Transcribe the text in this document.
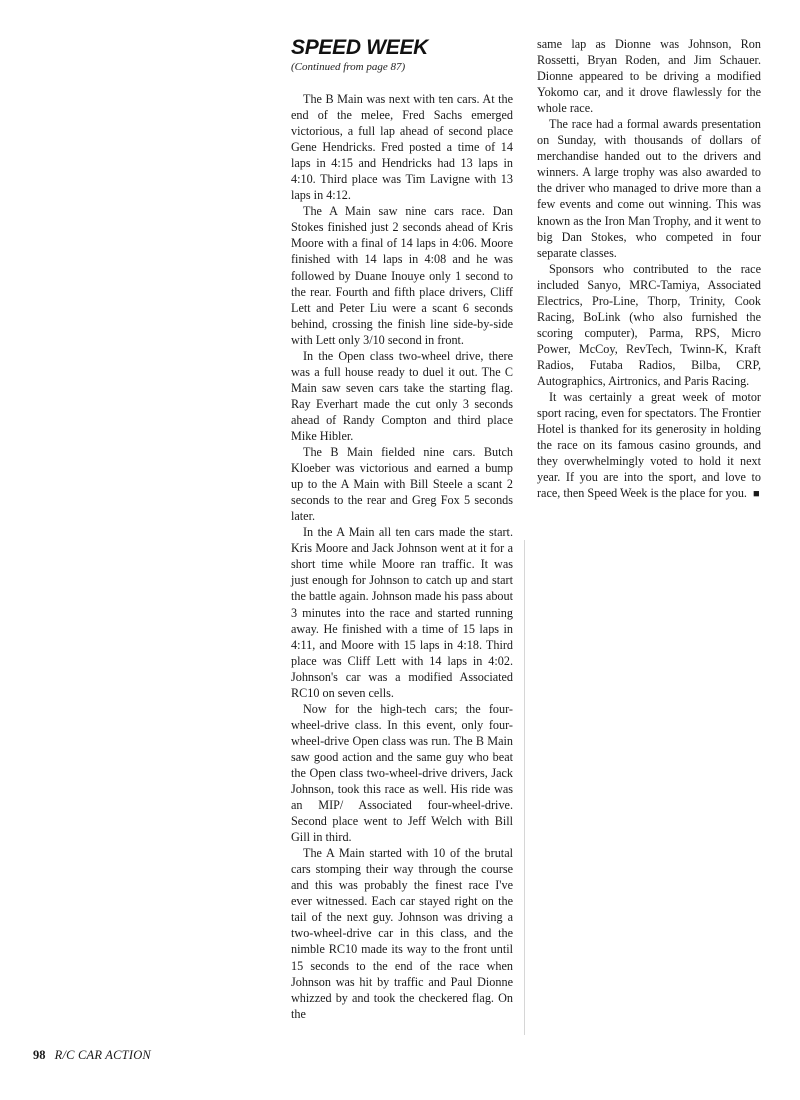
SPEED WEEK
(Continued from page 87)

The B Main was next with ten cars. At the end of the melee, Fred Sachs emerged victorious, a full lap ahead of second place Gene Hendricks. Fred posted a time of 14 laps in 4:15 and Hendricks had 13 laps in 4:10. Third place was Tim Lavigne with 13 laps in 4:12.

The A Main saw nine cars race. Dan Stokes finished just 2 seconds ahead of Kris Moore with a final of 14 laps in 4:06. Moore finished with 14 laps in 4:08 and he was followed by Duane Inouye only 1 second to the rear. Fourth and fifth place drivers, Cliff Lett and Peter Liu were a scant 6 seconds behind, crossing the finish line side-by-side with Lett only 3/10 second in front.

In the Open class two-wheel drive, there was a full house ready to duel it out. The C Main saw seven cars take the starting flag. Ray Everhart made the cut only 3 seconds ahead of Randy Compton and third place Mike Hibler.

The B Main fielded nine cars. Butch Kloeber was victorious and earned a bump up to the A Main with Bill Steele a scant 2 seconds to the rear and Greg Fox 5 seconds later.

In the A Main all ten cars made the start. Kris Moore and Jack Johnson went at it for a short time while Moore ran traffic. It was just enough for Johnson to catch up and start the battle again. Johnson made his pass about 3 minutes into the race and started running away. He finished with a time of 15 laps in 4:11, and Moore with 15 laps in 4:18. Third place was Cliff Lett with 14 laps in 4:02. Johnson's car was a modified Associated RC10 on seven cells.

Now for the high-tech cars; the four-wheel-drive class. In this event, only four-wheel-drive Open class was run. The B Main saw good action and the same guy who beat the Open class two-wheel-drive drivers, Jack Johnson, took this race as well. His ride was an MIP/ Associated four-wheel-drive. Second place went to Jeff Welch with Bill Gill in third.

The A Main started with 10 of the brutal cars stomping their way through the course and this was probably the finest race I've ever witnessed. Each car stayed right on the tail of the next guy. Johnson was driving a two-wheel-drive car in this class, and the nimble RC10 made its way to the front until 15 seconds to the end of the race when Johnson was hit by traffic and Paul Dionne whizzed by and took the checkered flag. On the

same lap as Dionne was Johnson, Ron Rossetti, Bryan Roden, and Jim Schauer. Dionne appeared to be driving a modified Yokomo car, and it drove flawlessly for the whole race.

The race had a formal awards presentation on Sunday, with thousands of dollars of merchandise handed out to the drivers and winners. A large trophy was also awarded to the driver who managed to drive more than a few events and come out winning. This was known as the Iron Man Trophy, and it went to big Dan Stokes, who competed in four separate classes.

Sponsors who contributed to the race included Sanyo, MRC-Tamiya, Associated Electrics, Pro-Line, Thorp, Trinity, Cook Racing, BoLink (who also furnished the scoring computer), Parma, RPS, Micro Power, McCoy, RevTech, Twinn-K, Kraft Radios, Futaba Radios, Bilba, CRP, Autographics, Airtronics, and Paris Racing.

It was certainly a great week of motor sport racing, even for spectators. The Frontier Hotel is thanked for its generosity in holding the race on its famous casino grounds, and they overwhelmingly voted to hold it next year. If you are into the sport, and love to race, then Speed Week is the place for you. ■

98 R/C CAR ACTION
